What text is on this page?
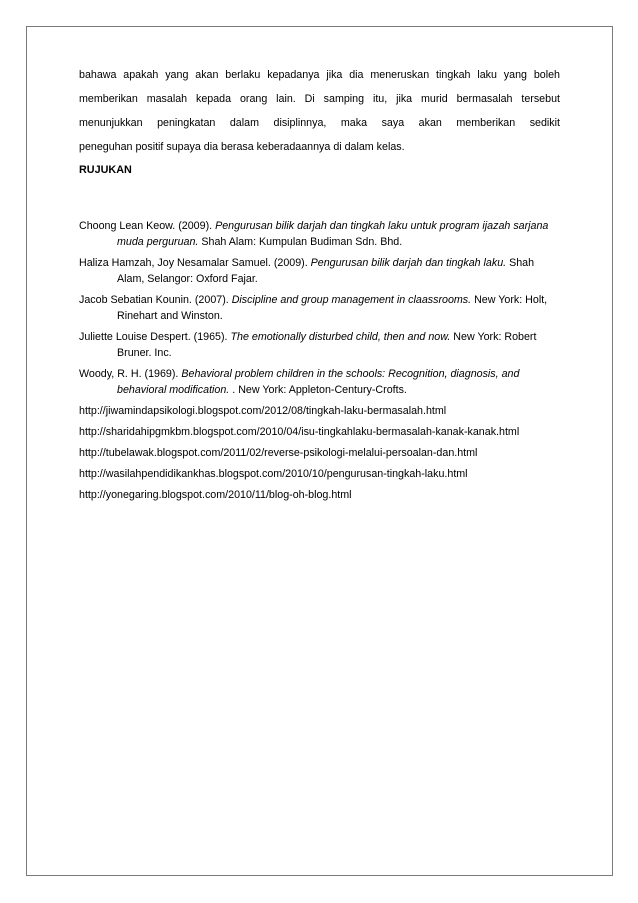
bahawa apakah yang akan berlaku kepadanya jika dia meneruskan tingkah laku yang boleh
memberikan masalah kepada orang lain. Di samping itu, jika murid bermasalah tersebut
menunjukkan peningkatan dalam disiplinnya, maka saya akan memberikan sedikit
peneguhan positif supaya dia berasa keberadaannya di dalam kelas.

RUJUKAN

Choong Lean Keow. (2009). Pengurusan bilik darjah dan tingkah laku untuk program ijazah sarjana muda perguruan. Shah Alam: Kumpulan Budiman Sdn. Bhd.

Haliza Hamzah, Joy Nesamalar Samuel. (2009). Pengurusan bilik darjah dan tingkah laku. Shah Alam, Selangor: Oxford Fajar.

Jacob Sebatian Kounin. (2007). Discipline and group management in claassrooms. New York: Holt, Rinehart and Winston.

Juliette Louise Despert. (1965). The emotionally disturbed child, then and now. New York: Robert Bruner. Inc.

Woody, R. H. (1969). Behavioral problem children in the schools: Recognition, diagnosis, and behavioral modification. . New York: Appleton-Century-Crofts.

http://jiwamindapsikologi.blogspot.com/2012/08/tingkah-laku-bermasalah.html

http://sharidahipgmkbm.blogspot.com/2010/04/isu-tingkahlaku-bermasalah-kanak-kanak.html

http://tubelawak.blogspot.com/2011/02/reverse-psikologi-melalui-persoalan-dan.html

http://wasilahpendidikankhas.blogspot.com/2010/10/pengurusan-tingkah-laku.html

http://yonegaring.blogspot.com/2010/11/blog-oh-blog.html
